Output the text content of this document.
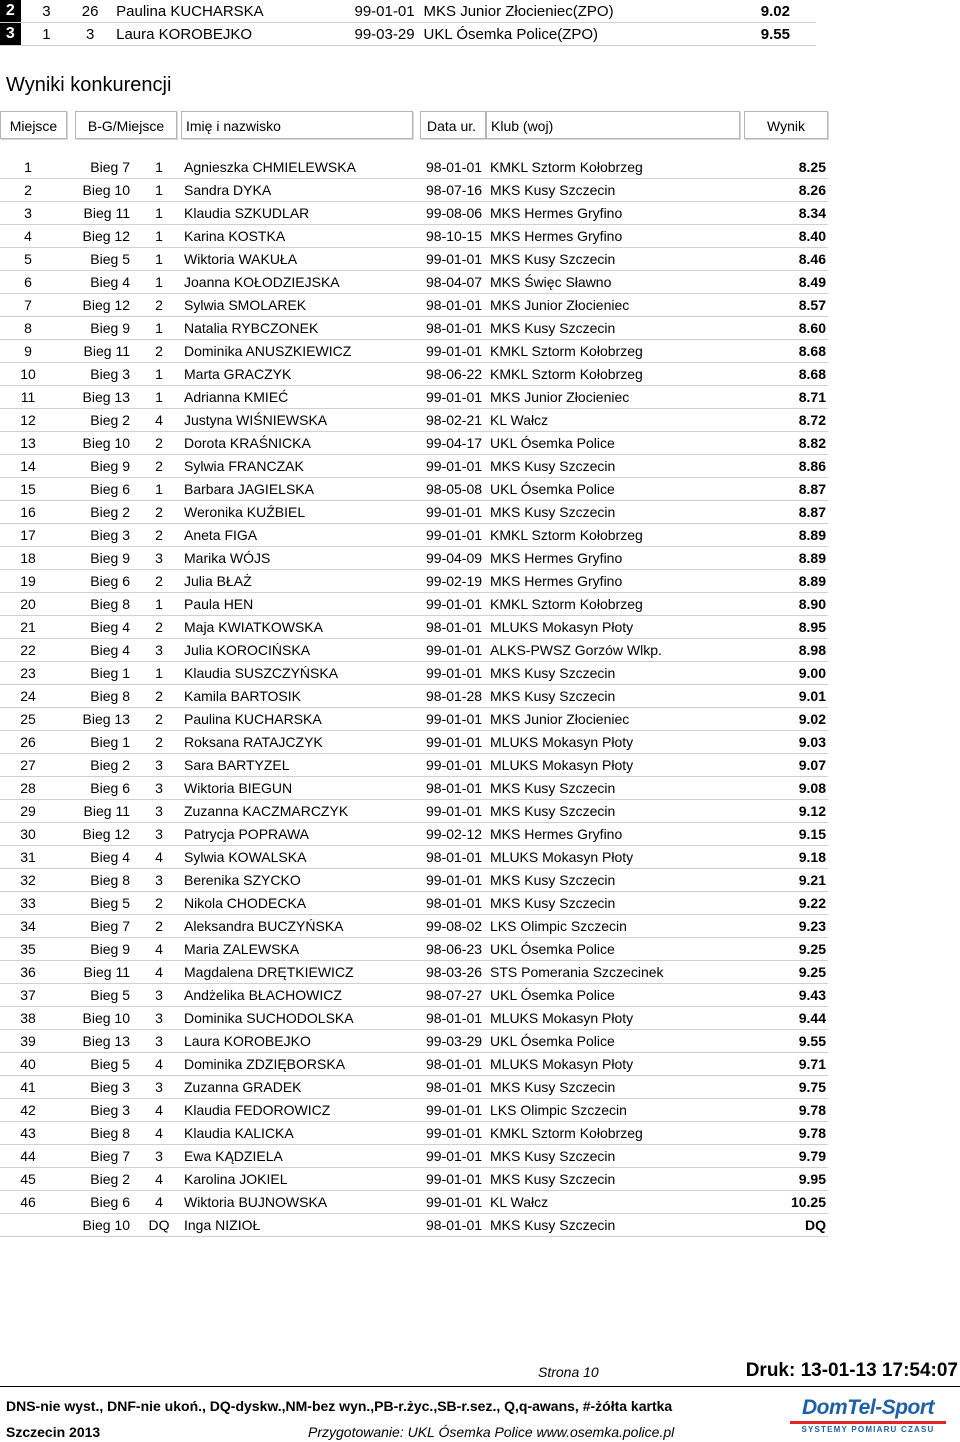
2	3	26	Paulina KUCHARSKA	99-01-01	MKS Junior Złocieniec(ZPO)	9.02
3	1	3	Laura KOROBEJKO	99-03-29	UKL Ósemka Police(ZPO)	9.55
Wyniki konkurencji
Miejsce	B-G/Miejsce	Imię i nazwisko	Data ur.	Klub (woj)	Wynik
1	Bieg 7	1	Agnieszka CHMIELEWSKA	98-01-01 KMKL Sztorm Kołobrzeg	8.25
2	Bieg 10	1	Sandra DYKA	98-07-16 MKS Kusy Szczecin	8.26
3	Bieg 11	1	Klaudia SZKUDLAR	99-08-06 MKS Hermes Gryfino	8.34
4	Bieg 12	1	Karina KOSTKA	98-10-15 MKS Hermes Gryfino	8.40
5	Bieg 5	1	Wiktoria WAKUŁA	99-01-01 MKS Kusy Szczecin	8.46
6	Bieg 4	1	Joanna KOŁODZIEJSKA	98-04-07 MKS Święc Sławno	8.49
7	Bieg 12	2	Sylwia SMOLAREK	98-01-01 MKS Junior Złocieniec	8.57
8	Bieg 9	1	Natalia RYBCZONEK	98-01-01 MKS Kusy Szczecin	8.60
9	Bieg 11	2	Dominika ANUSZKIEWICZ	99-01-01 KMKL Sztorm Kołobrzeg	8.68
10	Bieg 3	1	Marta GRACZYK	98-06-22 KMKL Sztorm Kołobrzeg	8.68
11	Bieg 13	1	Adrianna KMIEĆ	99-01-01 MKS Junior Złocieniec	8.71
12	Bieg 2	4	Justyna WIŚNIEWSKA	98-02-21 KL Wałcz	8.72
13	Bieg 10	2	Dorota KRAŚNICKA	99-04-17 UKL Ósemka Police	8.82
14	Bieg 9	2	Sylwia FRANCZAK	99-01-01 MKS Kusy Szczecin	8.86
15	Bieg 6	1	Barbara JAGIELSKA	98-05-08 UKL Ósemka Police	8.87
16	Bieg 2	2	Weronika KUŹBIEL	99-01-01 MKS Kusy Szczecin	8.87
17	Bieg 3	2	Aneta FIGA	99-01-01 KMKL Sztorm Kołobrzeg	8.89
18	Bieg 9	3	Marika WÓJS	99-04-09 MKS Hermes Gryfino	8.89
19	Bieg 6	2	Julia BŁAŻ	99-02-19 MKS Hermes Gryfino	8.89
20	Bieg 8	1	Paula HEN	99-01-01 KMKL Sztorm Kołobrzeg	8.90
21	Bieg 4	2	Maja KWIATKOWSKA	98-01-01 MLUKS Mokasyn Płoty	8.95
22	Bieg 4	3	Julia KOROCIŃSKA	99-01-01 ALKS-PWSZ Gorzów Wlkp.	8.98
23	Bieg 1	1	Klaudia SUSZCZYŃSKA	99-01-01 MKS Kusy Szczecin	9.00
24	Bieg 8	2	Kamila BARTOSIK	98-01-28 MKS Kusy Szczecin	9.01
25	Bieg 13	2	Paulina KUCHARSKA	99-01-01 MKS Junior Złocieniec	9.02
26	Bieg 1	2	Roksana RATAJCZYK	99-01-01 MLUKS Mokasyn Płoty	9.03
27	Bieg 2	3	Sara BARTYZEL	99-01-01 MLUKS Mokasyn Płoty	9.07
28	Bieg 6	3	Wiktoria BIEGUN	98-01-01 MKS Kusy Szczecin	9.08
29	Bieg 11	3	Zuzanna KACZMARCZYK	99-01-01 MKS Kusy Szczecin	9.12
30	Bieg 12	3	Patrycja POPRAWA	99-02-12 MKS Hermes Gryfino	9.15
31	Bieg 4	4	Sylwia KOWALSKA	98-01-01 MLUKS Mokasyn Płoty	9.18
32	Bieg 8	3	Berenika SZYCKO	99-01-01 MKS Kusy Szczecin	9.21
33	Bieg 5	2	Nikola CHODECKA	98-01-01 MKS Kusy Szczecin	9.22
34	Bieg 7	2	Aleksandra BUCZYŃSKA	99-08-02 LKS Olimpic Szczecin	9.23
35	Bieg 9	4	Maria ZALEWSKA	98-06-23 UKL Ósemka Police	9.25
36	Bieg 11	4	Magdalena DRĘTKIEWICZ	98-03-26 STS Pomerania Szczecinek	9.25
37	Bieg 5	3	Andżelika BŁACHOWICZ	98-07-27 UKL Ósemka Police	9.43
38	Bieg 10	3	Dominika SUCHODOLSKA	98-01-01 MLUKS Mokasyn Płoty	9.44
39	Bieg 13	3	Laura KOROBEJKO	99-03-29 UKL Ósemka Police	9.55
40	Bieg 5	4	Dominika ZDZIĘBORSKA	98-01-01 MLUKS Mokasyn Płoty	9.71
41	Bieg 3	3	Zuzanna GRADEK	98-01-01 MKS Kusy Szczecin	9.75
42	Bieg 3	4	Klaudia FEDOROWICZ	99-01-01 LKS Olimpic Szczecin	9.78
43	Bieg 8	4	Klaudia KALICKA	99-01-01 KMKL Sztorm Kołobrzeg	9.78
44	Bieg 7	3	Ewa KĄDZIELA	99-01-01 MKS Kusy Szczecin	9.79
45	Bieg 2	4	Karolina JOKIEL	99-01-01 MKS Kusy Szczecin	9.95
46	Bieg 6	4	Wiktoria BUJNOWSKA	99-01-01 KL Wałcz	10.25
Bieg 10	DQ	Inga NIZIOŁ	98-01-01 MKS Kusy Szczecin	DQ
Strona 10	Druk: 13-01-13 17:54:07
DNS-nie wyst., DNF-nie ukoń., DQ-dyskw.,NM-bez wyn.,PB-r.życ.,SB-r.sez., Q,q-awans, #-żółta kartka
Szczecin 2013	Przygotowanie: UKL Ósemka Police www.osemka.police.pl
DomTel-Sport
SYSTEMY POMIARU CZASU
